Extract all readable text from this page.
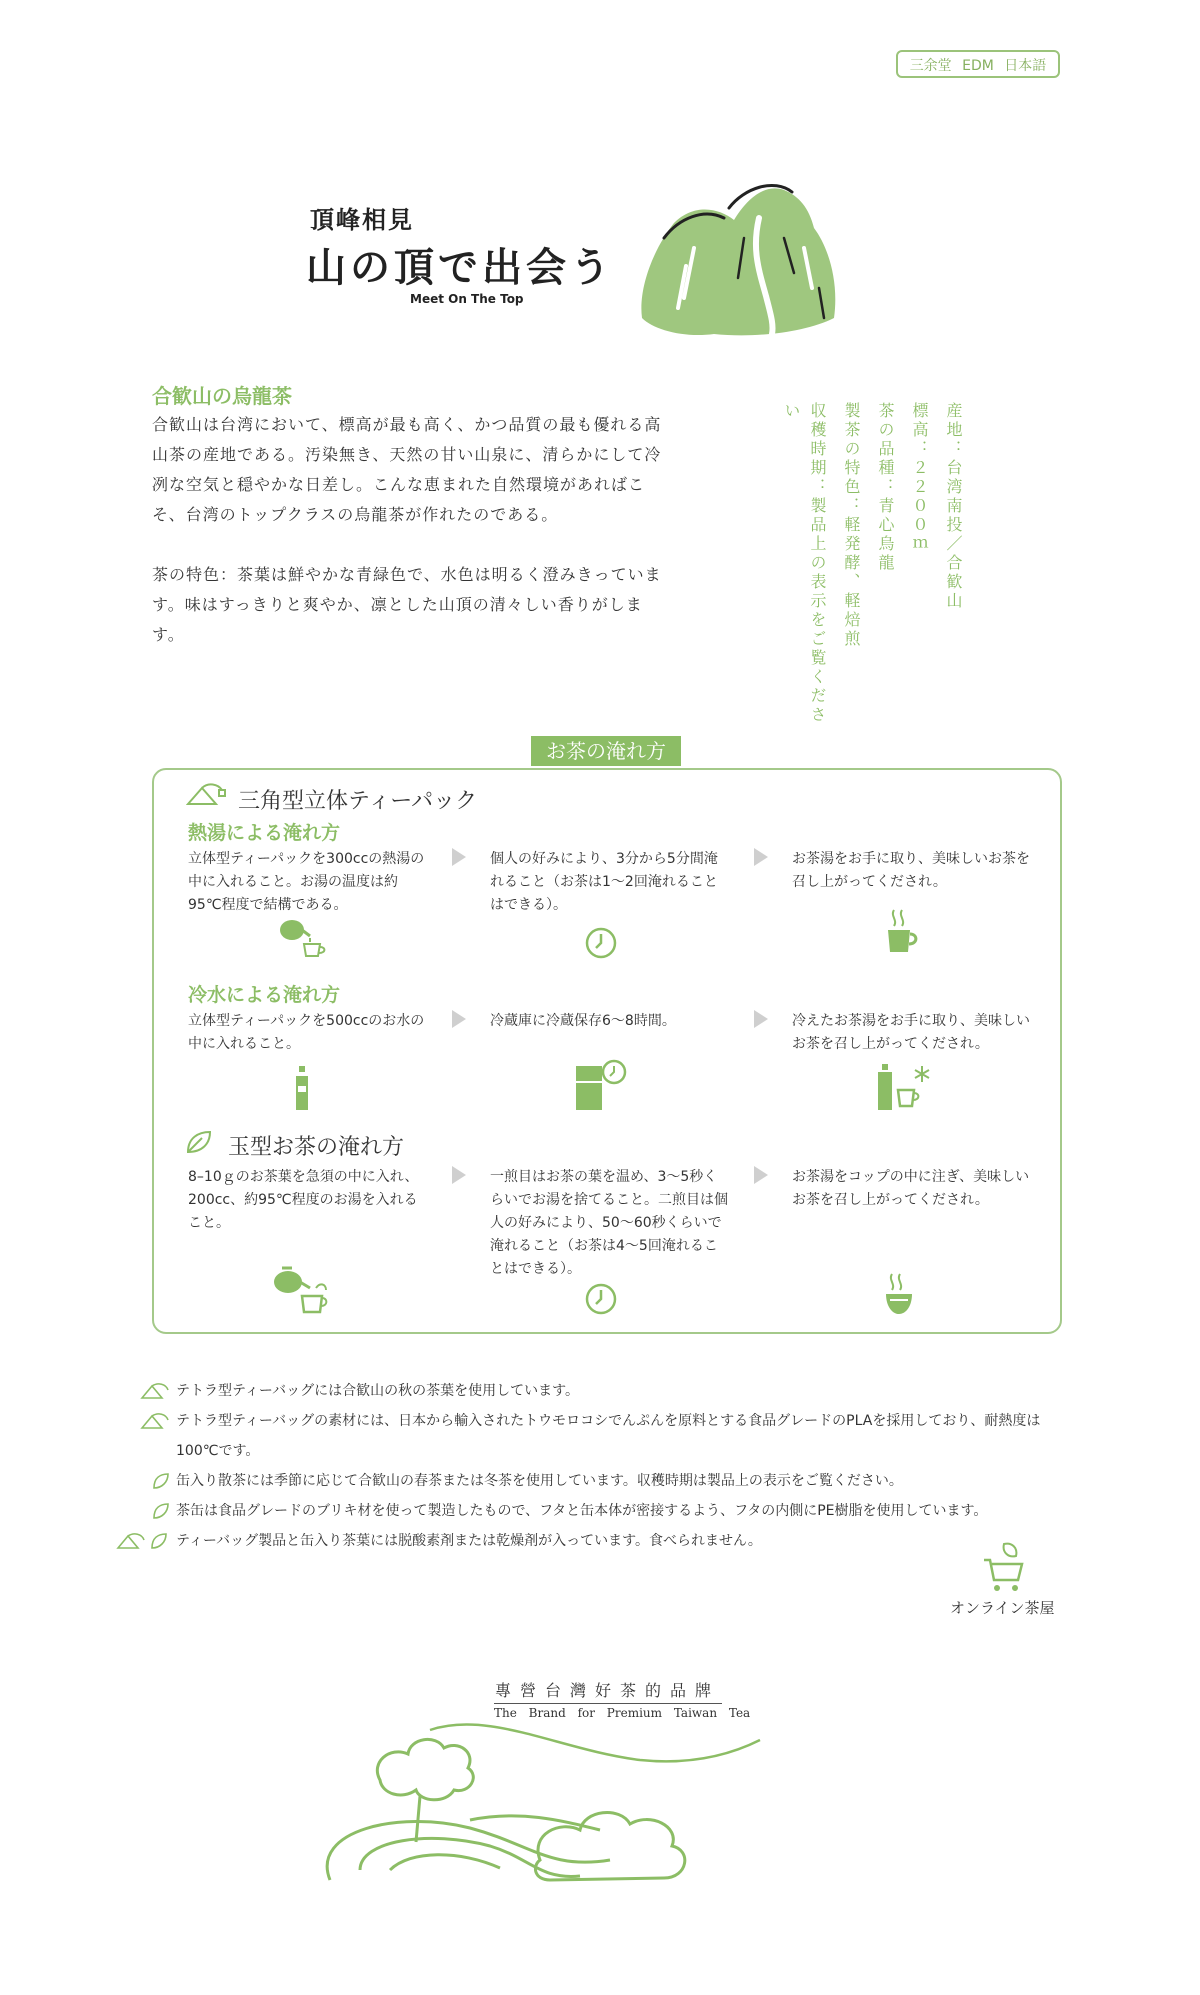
三余堂 EDM 日本語
頂峰相見
山の頂で出会う
Meet On The Top
合歓山の烏龍茶

合歓山は台湾において、標高が最も高く、かつ品質の最も優れる高山茶の産地である。汚染無き、天然の甘い山泉に、清らかにして冷冽な空気と穏やかな日差し。こんな恵まれた自然環境があればこそ、台湾のトップクラスの烏龍茶が作れたのである。

茶の特色：茶葉は鮮やかな青緑色で、水色は明るく澄みきっています。味はすっきりと爽やか、凛とした山頂の清々しい香りがします。

産地：台湾南投／合歓山
標高：２２００ｍ
茶の品種：青心烏龍
製茶の特色：軽発酵、軽焙煎
収穫時期：製品上の表示をご覧ください
お茶の淹れ方
三角型立体ティーパック
熱湯による淹れ方
立体型ティーパックを300ccの熱湯の中に入れること。お湯の温度は約95℃程度で結構である。
個人の好みにより、3分から5分間淹れること（お茶は1〜2回淹れることはできる）。
お茶湯をお手に取り、美味しいお茶を召し上がってくだされ。
冷水による淹れ方
立体型ティーパックを500ccのお水の中に入れること。
冷蔵庫に冷蔵保存6〜8時間。	冷えたお茶湯をお手に取り、美味しいお茶を召し上がってくだされ。
玉型お茶の淹れ方
8–10ｇのお茶葉を急須の中に入れ、200cc、約95℃程度のお湯を入れること。
一煎目はお茶の葉を温め、3〜5秒くらいでお湯を捨てること。二煎目は個人の好みにより、50〜60秒くらいで淹れること（お茶は4〜5回淹れることはできる）。
お茶湯をコップの中に注ぎ、美味しいお茶を召し上がってくだされ。
テトラ型ティーバッグには合歓山の秋の茶葉を使用しています。
テトラ型ティーバッグの素材には、日本から輸入されたトウモロコシでんぷんを原料とする食品グレードのPLAを採用しており、耐熱度は100℃です。
缶入り散茶には季節に応じて合歓山の春茶または冬茶を使用しています。収穫時期は製品上の表示をご覧ください。
茶缶は食品グレードのブリキ材を使って製造したもので、フタと缶本体が密接するよう、フタの内側にPE樹脂を使用しています。
ティーバッグ製品と缶入り茶葉には脱酸素剤または乾燥剤が入っています。食べられません。
オンライン茶屋
專營台灣好茶的品牌
The Brand for Premium Taiwan Tea
